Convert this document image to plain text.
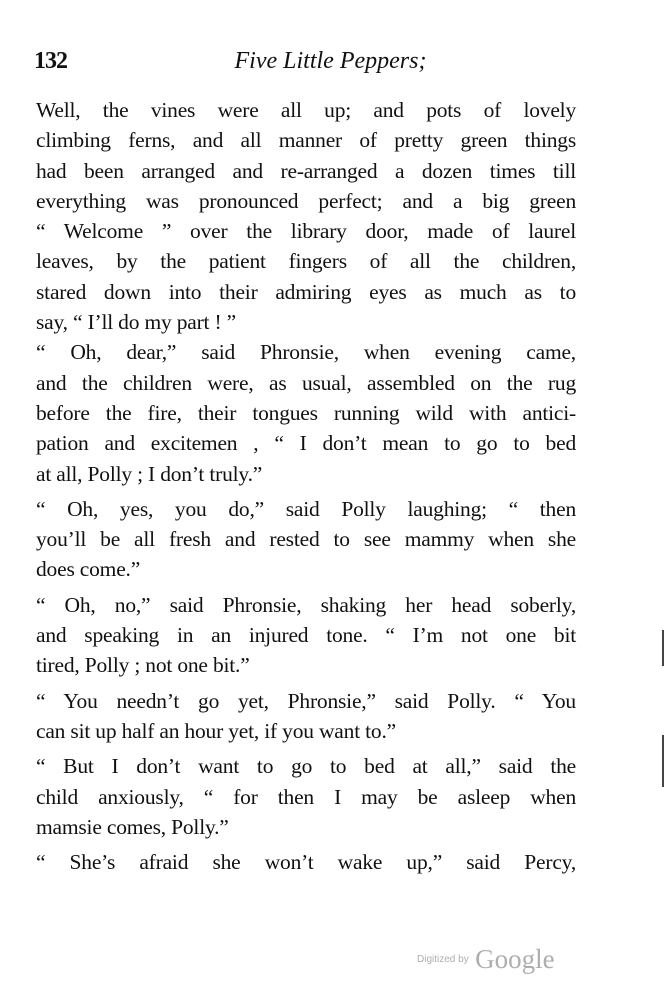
132	Five Little Peppers;
Well, the vines were all up; and pots of lovely
climbing ferns, and all manner of pretty green things
had been arranged and re-arranged a dozen times till
everything was pronounced perfect; and a big green
“ Welcome ” over the library door, made of laurel
leaves, by the patient fingers of all the children,
stared down into their admiring eyes as much as to
say, “ I’ll do my part ! ”
“ Oh, dear,” said Phronsie, when evening came,
and the children were, as usual, assembled on the rug
before the fire, their tongues running wild with antici-
pation and excitemen , “ I don’t mean to go to bed
at all, Polly ; I don’t truly.”
“ Oh, yes, you do,” said Polly laughing; “ then
you’ll be all fresh and rested to see mammy when she
does come.”
“ Oh, no,” said Phronsie, shaking her head soberly,
and speaking in an injured tone. “ I’m not one bit
tired, Polly ; not one bit.”
“ You needn’t go yet, Phronsie,” said Polly. “ You
can sit up half an hour yet, if you want to.”
“ But I don’t want to go to bed at all,” said the
child anxiously, “ for then I may be asleep when
mamsie comes, Polly.”
“ She’s afraid she won’t wake up,” said Percy,
Digitized by Google
